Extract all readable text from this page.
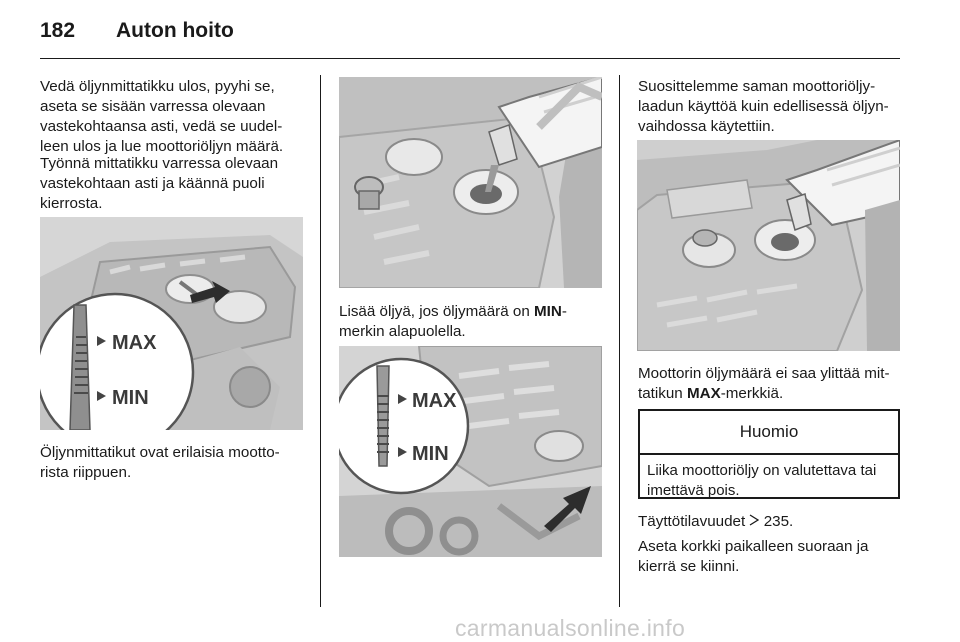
182 Auton hoito
Vedä öljynmittatikku ulos, pyyhi se,
aseta se sisään varressa olevaan
vastekohtaansa asti, vedä se uudel-
leen ulos ja lue moottoriöljyn määrä.
Työnnä mittatikku varressa olevaan
vastekohtaan asti ja käännä puoli
kierrosta.
MAX
MIN
Öljynmittatikut ovat erilaisia mootto-
rista riippuen.
Lisää öljyä, jos öljymäärä on MIN-
merkin alapuolella.
MAX
MIN
Suosittelemme saman moottoriöljy-
laadun käyttöä kuin edellisessä öljyn-
vaihdossa käytettiin.
Moottorin öljymäärä ei saa ylittää mit-
tatikun MAX-merkkiä.
Huomio
Liika moottoriöljy on valutettava tai
imettävä pois.
Täyttötilavuudet 235.
Aseta korkki paikalleen suoraan ja
kierrä se kiinni.
carmanualsonline.info
